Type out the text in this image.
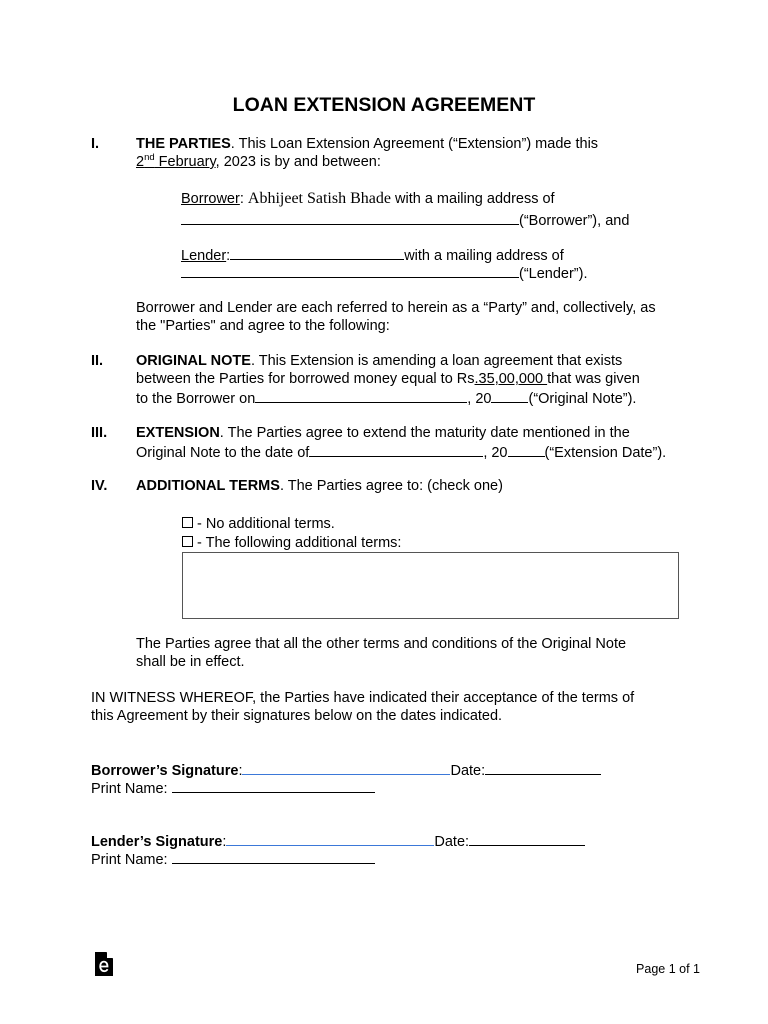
LOAN EXTENSION AGREEMENT
I.	THE PARTIES. This Loan Extension Agreement (“Extension”) made this
2nd February, 2023 is by and between:
Borrower: Abhijeet Satish Bhade with a mailing address of
(“Borrower”), and
Lender:	with a mailing address of
(“Lender”).
Borrower and Lender are each referred to herein as a “Party” and, collectively, as
the "Parties" and agree to the following:
II. ORIGINAL NOTE. This Extension is amending a loan agreement that exists
between the Parties for borrowed money equal to Rs.35,00,000 that was given
to the Borrower on	, 20	(“Original Note”).
III. EXTENSION. The Parties agree to extend the maturity date mentioned in the
Original Note to the date of	, 20	(“Extension Date”).
IV. ADDITIONAL TERMS. The Parties agree to: (check one)
- No additional terms.
- The following additional terms:
The Parties agree that all the other terms and conditions of the Original Note
shall be in effect.
IN WITNESS WHEREOF, the Parties have indicated their acceptance of the terms of
this Agreement by their signatures below on the dates indicated.
Borrower’s Signature:	Date:
Print Name:
Lender’s Signature:	Date:
Print Name:
Page 1 of 1
